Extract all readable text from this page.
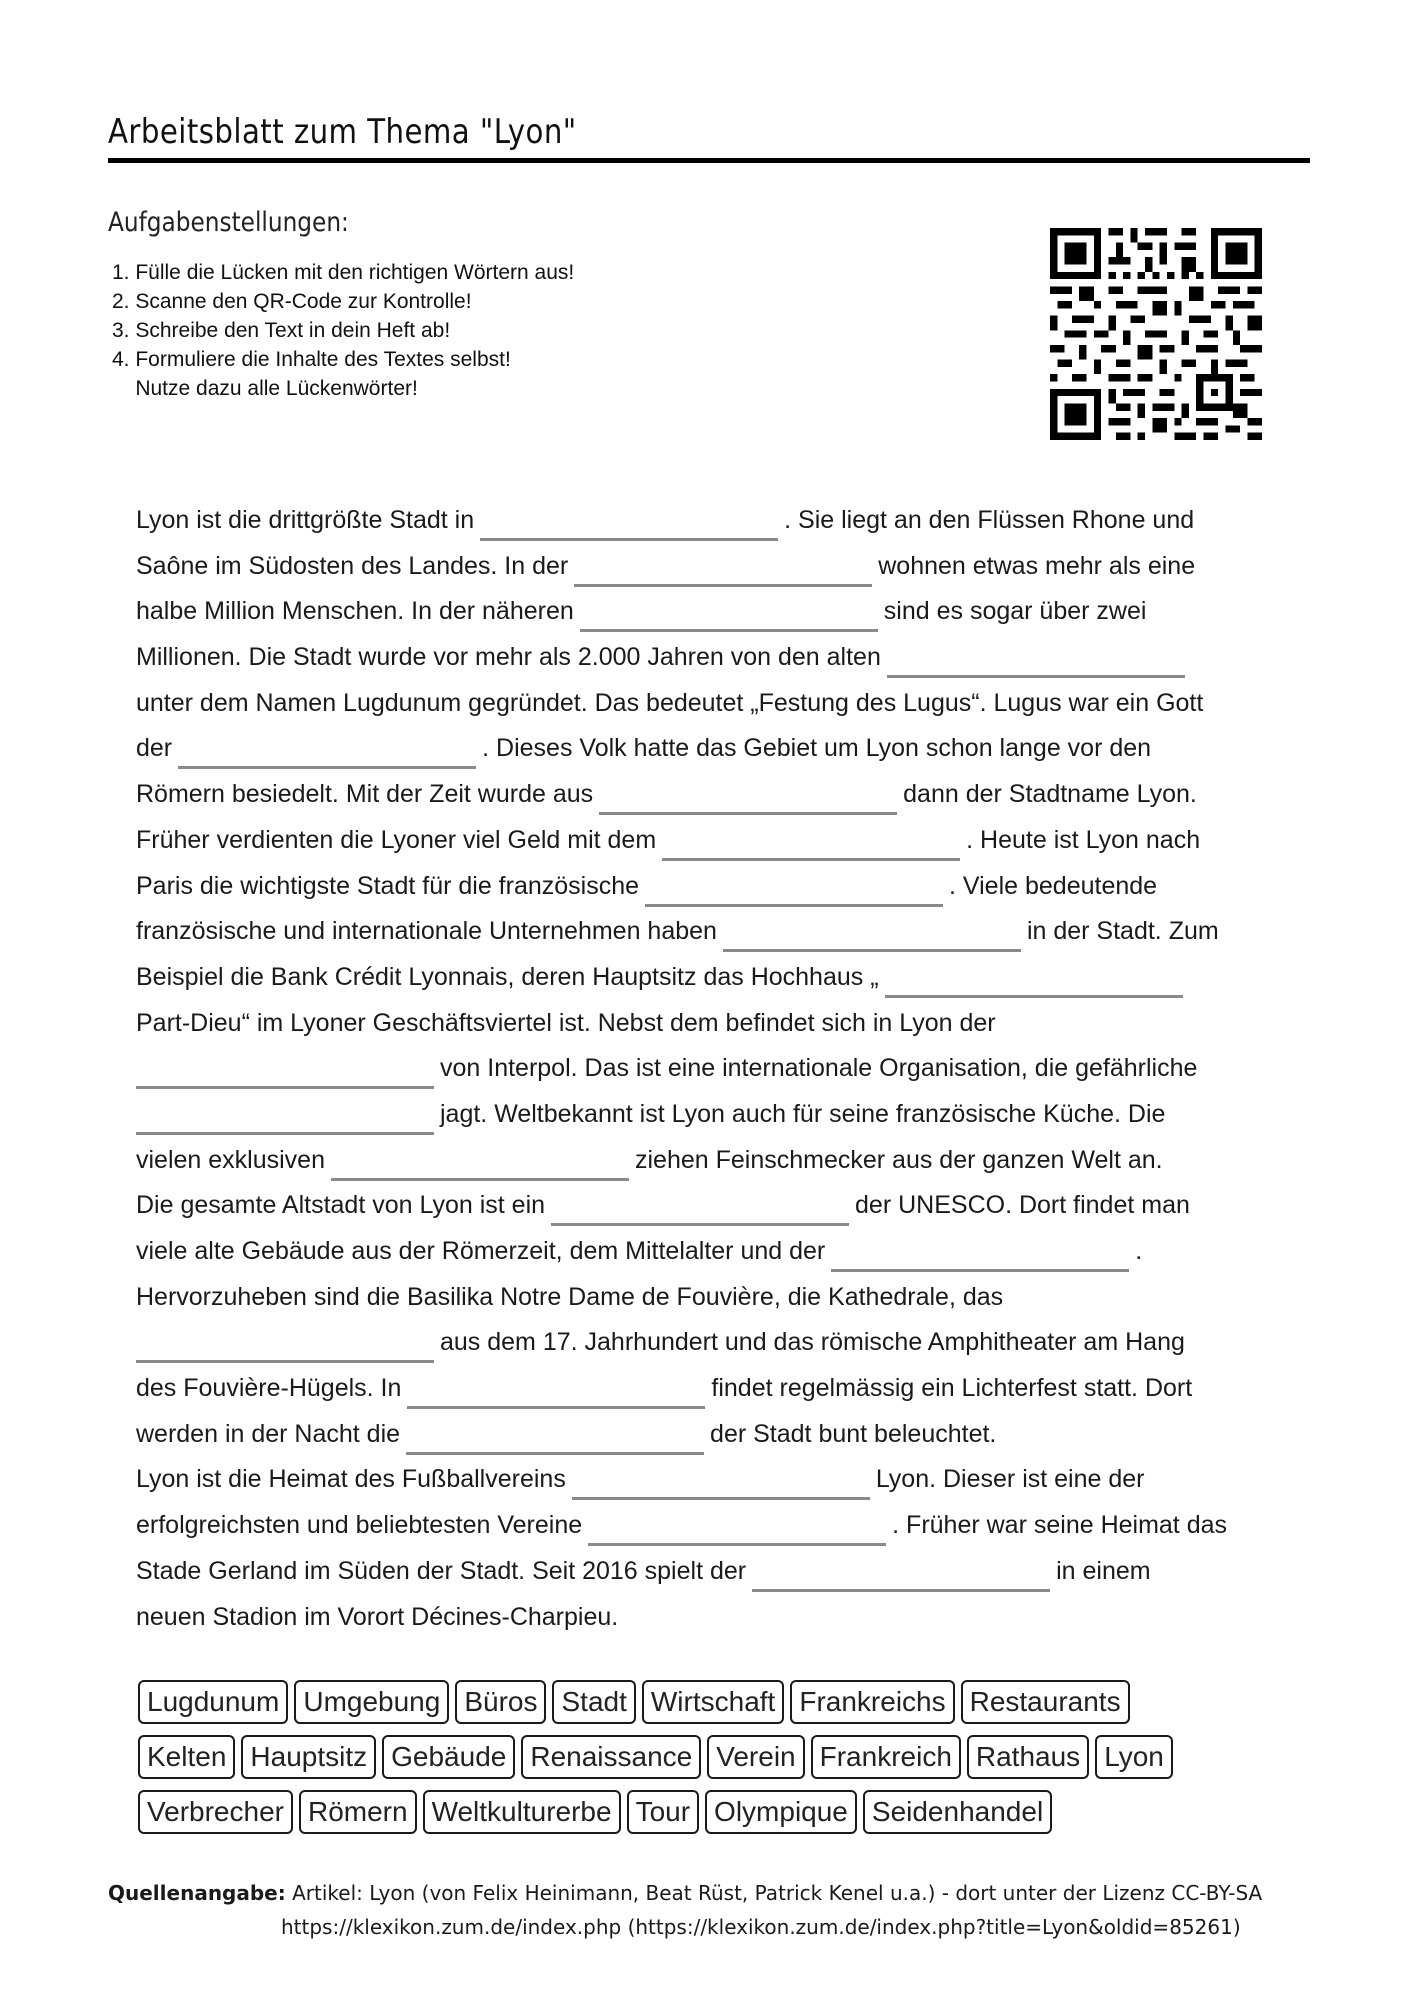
Arbeitsblatt zum Thema "Lyon"
Aufgabenstellungen:
1. Fülle die Lücken mit den richtigen Wörtern aus!
2. Scanne den QR-Code zur Kontrolle!
3. Schreibe den Text in dein Heft ab!
4. Formuliere die Inhalte des Textes selbst!
Nutze dazu alle Lückenwörter!
Lyon ist die drittgrößte Stadt in	. Sie liegt an den Flüssen Rhone und
Saône im Südosten des Landes. In der	wohnen etwas mehr als eine
halbe Million Menschen. In der näheren	sind es sogar über zwei
Millionen. Die Stadt wurde vor mehr als 2.000 Jahren von den alten
unter dem Namen Lugdunum gegründet. Das bedeutet „Festung des Lugus“. Lugus war ein Gott
der	. Dieses Volk hatte das Gebiet um Lyon schon lange vor den
Römern besiedelt. Mit der Zeit wurde aus	dann der Stadtname Lyon.
Früher verdienten die Lyoner viel Geld mit dem	. Heute ist Lyon nach
Paris die wichtigste Stadt für die französische	. Viele bedeutende
französische und internationale Unternehmen haben	in der Stadt. Zum
Beispiel die Bank Crédit Lyonnais, deren Hauptsitz das Hochhaus „
Part-Dieu“ im Lyoner Geschäftsviertel ist. Nebst dem befindet sich in Lyon der
von Interpol. Das ist eine internationale Organisation, die gefährliche
jagt. Weltbekannt ist Lyon auch für seine französische Küche. Die
vielen exklusiven	ziehen Feinschmecker aus der ganzen Welt an.
Die gesamte Altstadt von Lyon ist ein	der UNESCO. Dort findet man
viele alte Gebäude aus der Römerzeit, dem Mittelalter und der	.
Hervorzuheben sind die Basilika Notre Dame de Fouvière, die Kathedrale, das
aus dem 17. Jahrhundert und das römische Amphitheater am Hang
des Fouvière-Hügels. In	findet regelmässig ein Lichterfest statt. Dort
werden in der Nacht die	der Stadt bunt beleuchtet.
Lyon ist die Heimat des Fußballvereins	Lyon. Dieser ist eine der
erfolgreichsten und beliebtesten Vereine	. Früher war seine Heimat das
Stade Gerland im Süden der Stadt. Seit 2016 spielt der	in einem
neuen Stadion im Vorort Décines-Charpieu.
Lugdunum Umgebung Büros Stadt Wirtschaft Frankreichs Restaurants
Kelten Hauptsitz Gebäude Renaissance Verein Frankreich Rathaus Lyon
Verbrecher Römern Weltkulturerbe Tour Olympique Seidenhandel
Quellenangabe: Artikel: Lyon (von Felix Heinimann, Beat Rüst, Patrick Kenel u.a.) - dort unter der Lizenz CC-BY-SA
https://klexikon.zum.de/index.php (https://klexikon.zum.de/index.php?title=Lyon&oldid=85261)
